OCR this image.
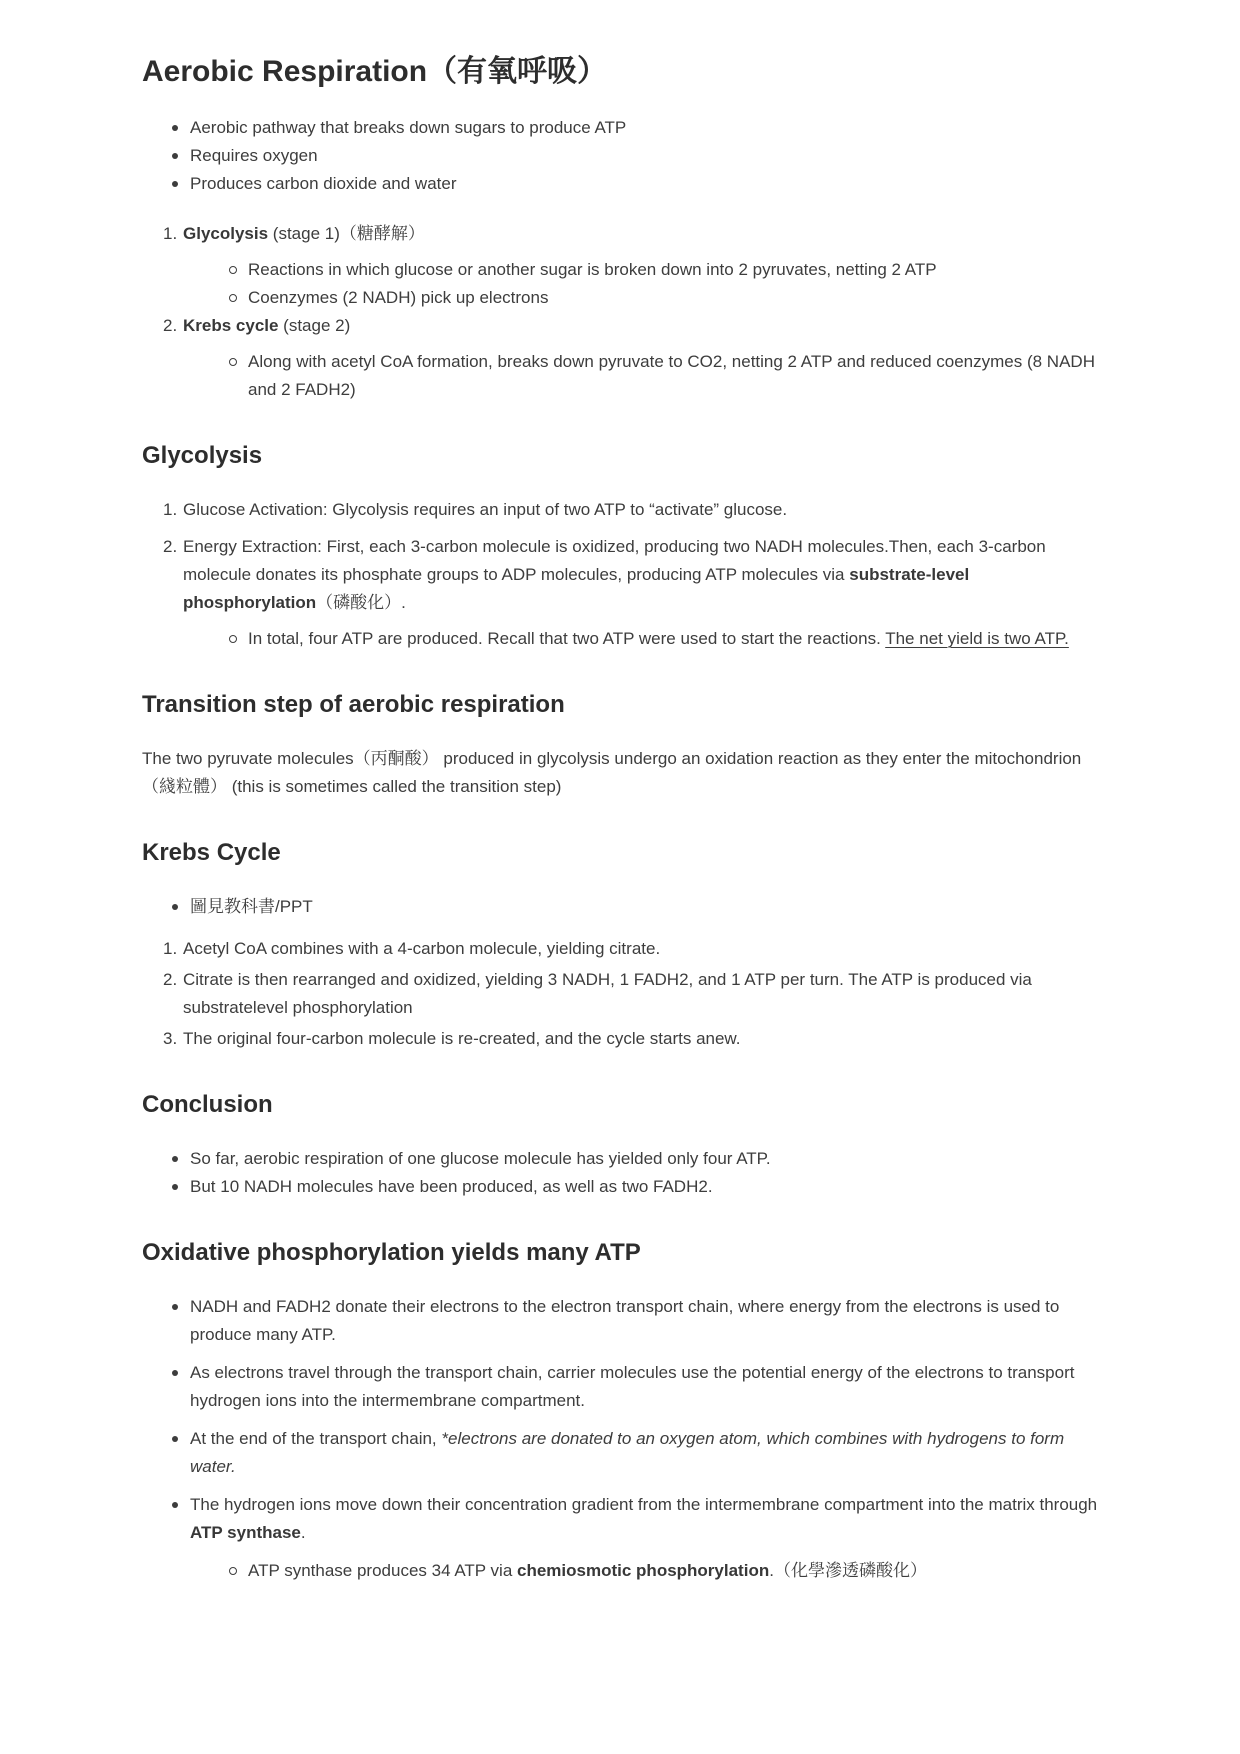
Aerobic Respiration（有氧呼吸）
Aerobic pathway that breaks down sugars to produce ATP
Requires oxygen
Produces carbon dioxide and water
1. Glycolysis (stage 1)（糖酵解）
Reactions in which glucose or another sugar is broken down into 2 pyruvates, netting 2 ATP
Coenzymes (2 NADH) pick up electrons
2. Krebs cycle (stage 2)
Along with acetyl CoA formation, breaks down pyruvate to CO2, netting 2 ATP and reduced coenzymes (8 NADH and 2 FADH2)
Glycolysis
1. Glucose Activation: Glycolysis requires an input of two ATP to “activate” glucose.
2. Energy Extraction: First, each 3-carbon molecule is oxidized, producing two NADH molecules.Then, each 3-carbon molecule donates its phosphate groups to ADP molecules, producing ATP molecules via substrate-level phosphorylation（磷酸化）.
In total, four ATP are produced. Recall that two ATP were used to start the reactions. The net yield is two ATP.
Transition step of aerobic respiration

The two pyruvate molecules（丙酮酸） produced in glycolysis undergo an oxidation reaction as they enter the mitochondrion（綫粒體） (this is sometimes called the transition step)

Krebs Cycle
圖見教科書/PPT
1. Acetyl CoA combines with a 4-carbon molecule, yielding citrate.
2. Citrate is then rearranged and oxidized, yielding 3 NADH, 1 FADH2, and 1 ATP per turn. The ATP is produced via substratelevel phosphorylation
3. The original four-carbon molecule is re-created, and the cycle starts anew.
Conclusion
So far, aerobic respiration of one glucose molecule has yielded only four ATP.
But 10 NADH molecules have been produced, as well as two FADH2.
Oxidative phosphorylation yields many ATP
NADH and FADH2 donate their electrons to the electron transport chain, where energy from the electrons is used to produce many ATP.
As electrons travel through the transport chain, carrier molecules use the potential energy of the electrons to transport hydrogen ions into the intermembrane compartment.
At the end of the transport chain, *electrons are donated to an oxygen atom, which combines with hydrogens to form water.
The hydrogen ions move down their concentration gradient from the intermembrane compartment into the matrix through ATP synthase.
ATP synthase produces 34 ATP via chemiosmotic phosphorylation.（化學滲透磷酸化）
